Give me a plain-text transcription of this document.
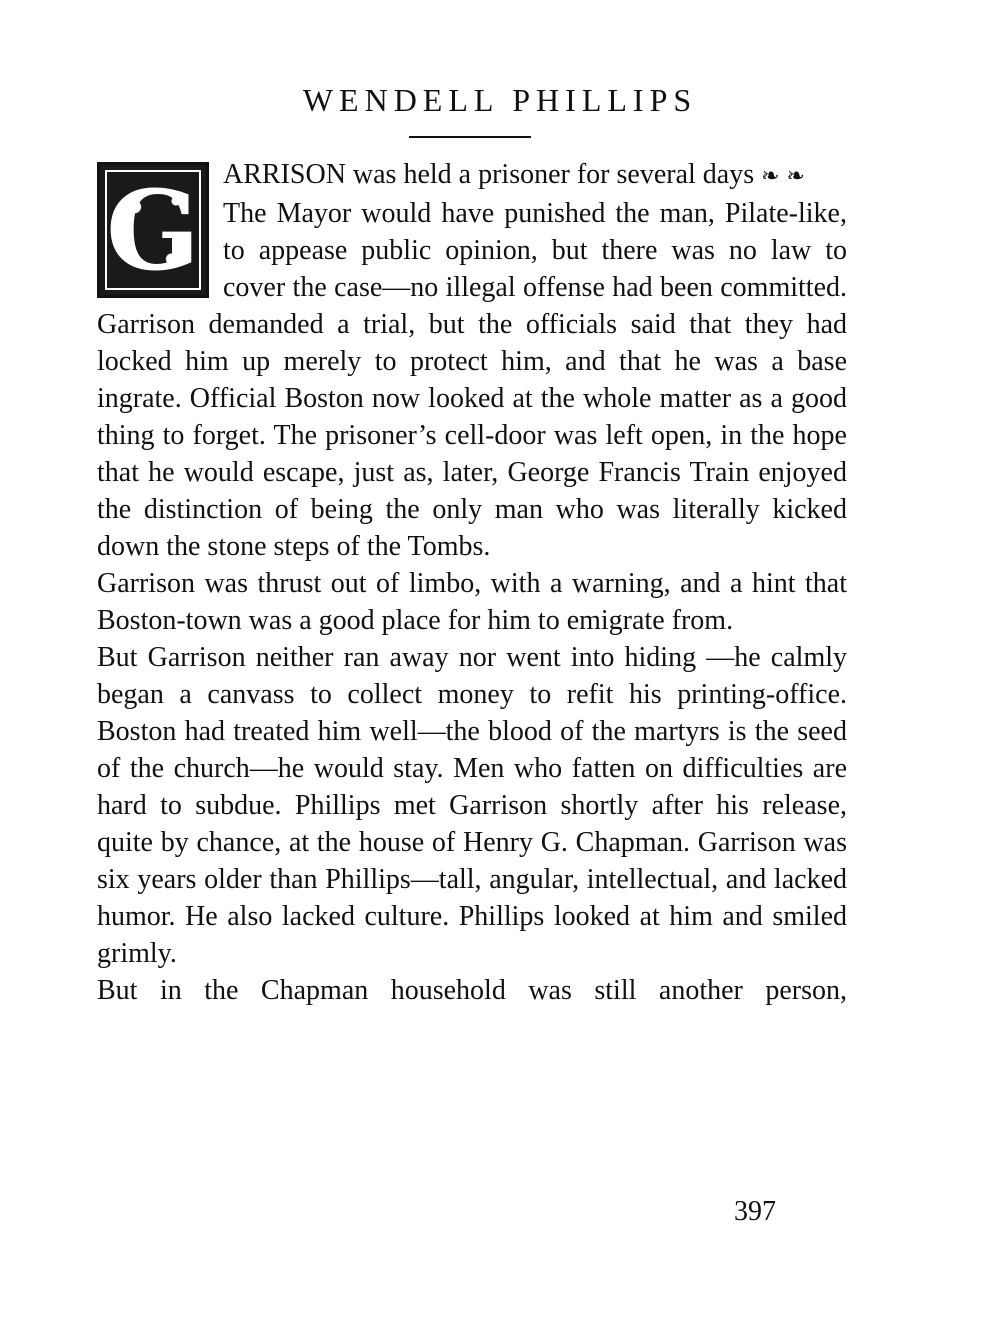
WENDELL PHILLIPS
G ARRISON was held a prisoner for several days ❧ ❧

The Mayor would have punished the man, Pilate-like, to appease public opinion, but there was no law to cover the case—no illegal offense had been committed. Garrison demanded a trial, but the officials said that they had locked him up merely to protect him, and that he was a base ingrate. Official Boston now looked at the whole matter as a good thing to forget. The prisoner’s cell-door was left open, in the hope that he would escape, just as, later, George Francis Train enjoyed the distinction of being the only man who was literally kicked down the stone steps of the Tombs.

Garrison was thrust out of limbo, with a warning, and a hint that Boston-town was a good place for him to emigrate from.

But Garrison neither ran away nor went into hiding —he calmly began a canvass to collect money to refit his printing-office. Boston had treated him well—the blood of the martyrs is the seed of the church—he would stay. Men who fatten on difficulties are hard to subdue. Phillips met Garrison shortly after his release, quite by chance, at the house of Henry G. Chapman. Garrison was six years older than Phillips—tall, angular, intellectual, and lacked humor. He also lacked culture. Phillips looked at him and smiled grimly.

But in the Chapman household was still another person,

397
